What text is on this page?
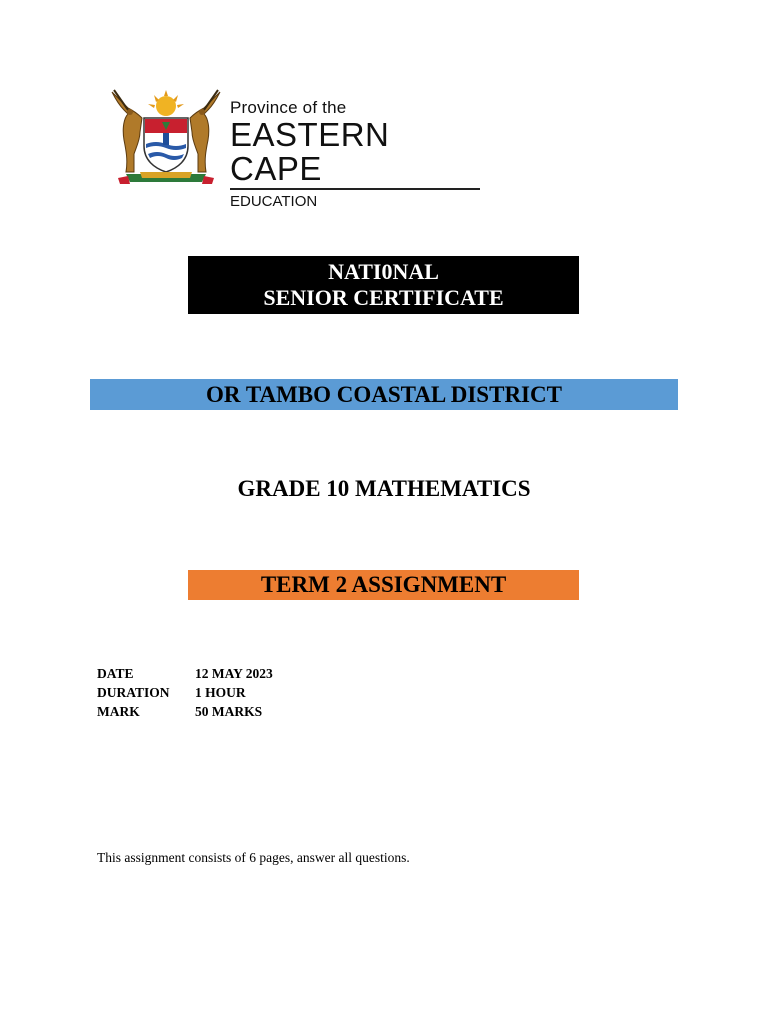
Province of the
EASTERN CAPE
EDUCATION
NATI0NAL
SENIOR CERTIFICATE
OR TAMBO COASTAL DISTRICT
GRADE 10 MATHEMATICS
TERM 2 ASSIGNMENT
DATE	12 MAY 2023
DURATION	1 HOUR
MARK	50 MARKS
This assignment consists of 6 pages, answer all questions.
